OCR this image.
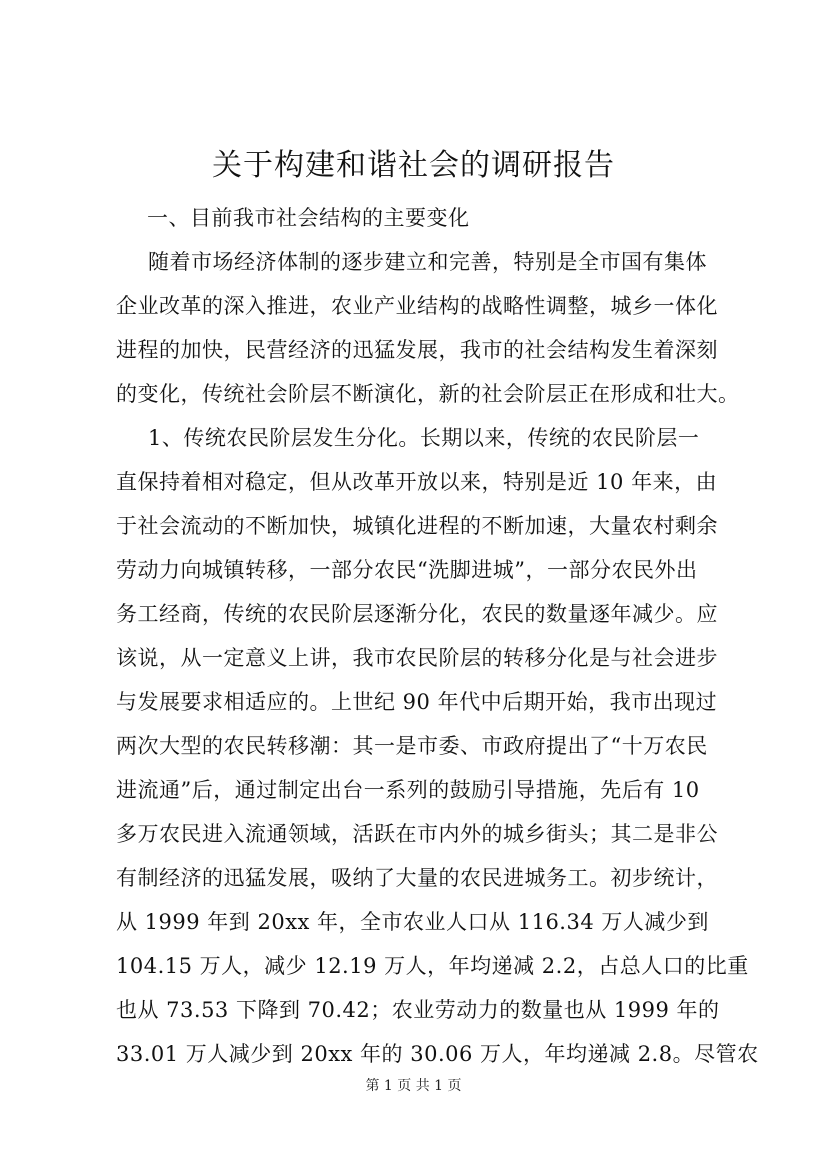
关于构建和谐社会的调研报告
一、目前我市社会结构的主要变化
随着市场经济体制的逐步建立和完善，特别是全市国有集体
企业改革的深入推进，农业产业结构的战略性调整，城乡一体化
进程的加快，民营经济的迅猛发展，我市的社会结构发生着深刻
的变化，传统社会阶层不断演化，新的社会阶层正在形成和壮大。
1、传统农民阶层发生分化。长期以来，传统的农民阶层一
直保持着相对稳定，但从改革开放以来，特别是近 10 年来，由
于社会流动的不断加快，城镇化进程的不断加速，大量农村剩余
劳动力向城镇转移，一部分农民“洗脚进城”，一部分农民外出
务工经商，传统的农民阶层逐渐分化，农民的数量逐年减少。应
该说，从一定意义上讲，我市农民阶层的转移分化是与社会进步
与发展要求相适应的。上世纪 90 年代中后期开始，我市出现过
两次大型的农民转移潮：其一是市委、市政府提出了“十万农民
进流通”后，通过制定出台一系列的鼓励引导措施，先后有 10
多万农民进入流通领域，活跃在市内外的城乡街头；其二是非公
有制经济的迅猛发展，吸纳了大量的农民进城务工。初步统计，
从 1999 年到 20xx 年，全市农业人口从 116.34 万人减少到
104.15 万人，减少 12.19 万人，年均递减 2.2，占总人口的比重
也从 73.53 下降到 70.42；农业劳动力的数量也从 1999 年的
33.01 万人减少到 20xx 年的 30.06 万人，年均递减 2.8。尽管农
第 1 页 共 1 页
